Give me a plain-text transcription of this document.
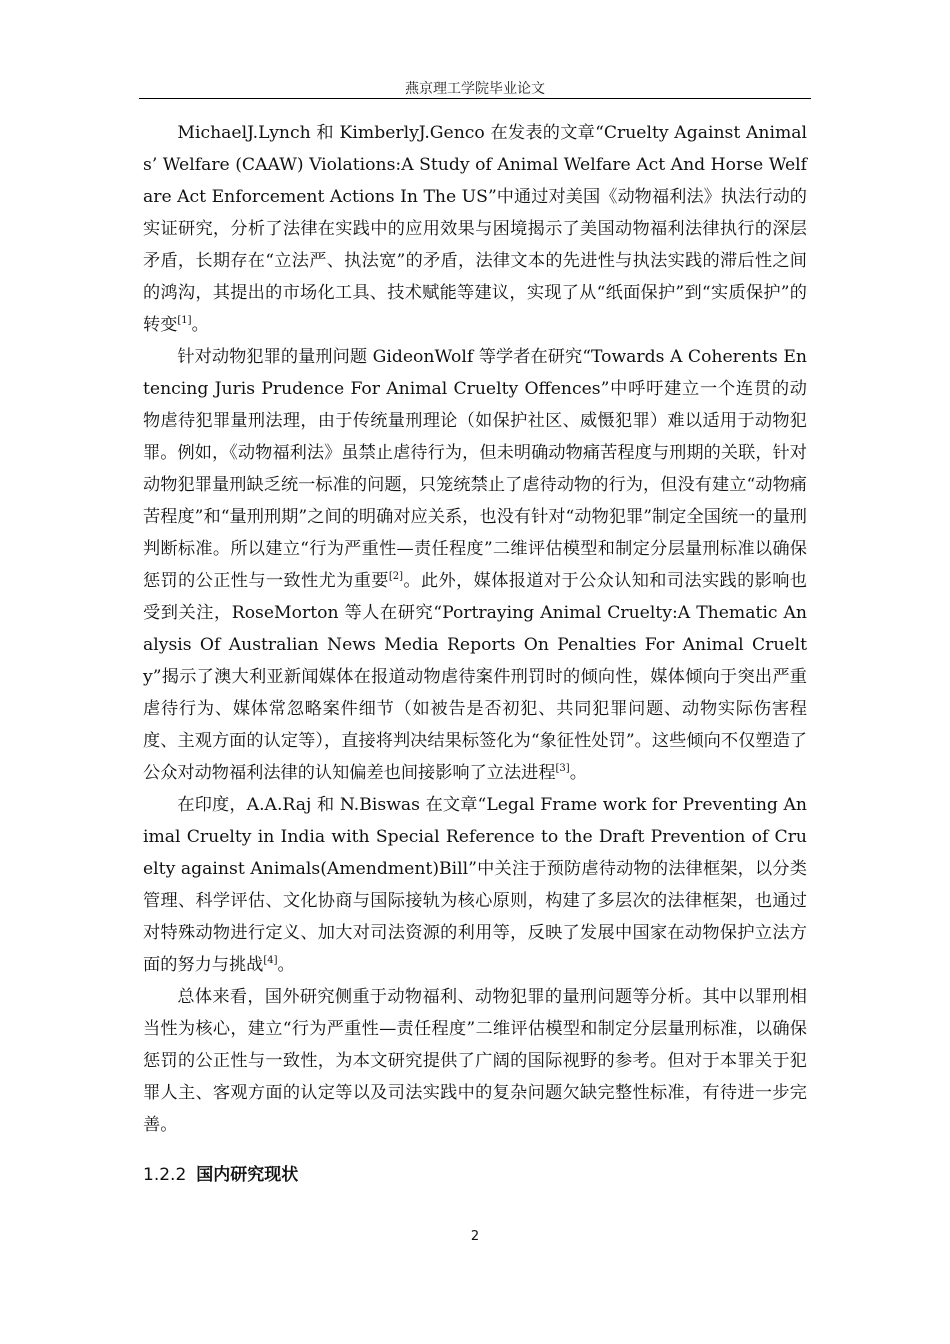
燕京理工学院毕业论文

MichaelJ.Lynch 和 KimberlyJ.Genco 在发表的文章“Cruelty Against Animals’ Welfare (CAAW) Violations:A Study of Animal Welfare Act And Horse Welfare Act Enforcement Actions In The US”中通过对美国《动物福利法》执法行动的实证研究，分析了法律在实践中的应用效果与困境揭示了美国动物福利法律执行的深层矛盾，长期存在“立法严、执法宽”的矛盾，法律文本的先进性与执法实践的滞后性之间的鸿沟，其提出的市场化工具、技术赋能等建议，实现了从“纸面保护”到“实质保护”的转变[1]。

针对动物犯罪的量刑问题 GideonWolf 等学者在研究“Towards A Coherents Entencing Juris Prudence For Animal Cruelty Offences”中呼吁建立一个连贯的动物虐待犯罪量刑法理，由于传统量刑理论（如保护社区、威慑犯罪）难以适用于动物犯罪。例如，《动物福利法》虽禁止虐待行为，但未明确动物痛苦程度与刑期的关联，针对动物犯罪量刑缺乏统一标准的问题，只笼统禁止了虐待动物的行为，但没有建立“动物痛苦程度”和“量刑刑期”之间的明确对应关系，也没有针对“动物犯罪”制定全国统一的量刑判断标准。所以建立“行为严重性—责任程度”二维评估模型和制定分层量刑标准以确保惩罚的公正性与一致性尤为重要[2]。此外，媒体报道对于公众认知和司法实践的影响也受到关注，RoseMorton 等人在研究“Portraying Animal Cruelty:A Thematic Analysis Of Australian News Media Reports On Penalties For Animal Cruelty”揭示了澳大利亚新闻媒体在报道动物虐待案件刑罚时的倾向性，媒体倾向于突出严重虐待行为、媒体常忽略案件细节（如被告是否初犯、共同犯罪问题、动物实际伤害程度、主观方面的认定等），直接将判决结果标签化为“象征性处罚”。这些倾向不仅塑造了公众对动物福利法律的认知偏差也间接影响了立法进程[3]。

在印度，A.A.Raj 和 N.Biswas 在文章“Legal Frame work for Preventing Animal Cruelty in India with Special Reference to the Draft Prevention of Cruelty against Animals(Amendment)Bill”中关注于预防虐待动物的法律框架，以分类管理、科学评估、文化协商与国际接轨为核心原则，构建了多层次的法律框架，也通过对特殊动物进行定义、加大对司法资源的利用等，反映了发展中国家在动物保护立法方面的努力与挑战[4]。

总体来看，国外研究侧重于动物福利、动物犯罪的量刑问题等分析。其中以罪刑相当性为核心，建立“行为严重性—责任程度”二维评估模型和制定分层量刑标准，以确保惩罚的公正性与一致性，为本文研究提供了广阔的国际视野的参考。但对于本罪关于犯罪人主、客观方面的认定等以及司法实践中的复杂问题欠缺完整性标准，有待进一步完善。

1.2.2 国内研究现状
2
